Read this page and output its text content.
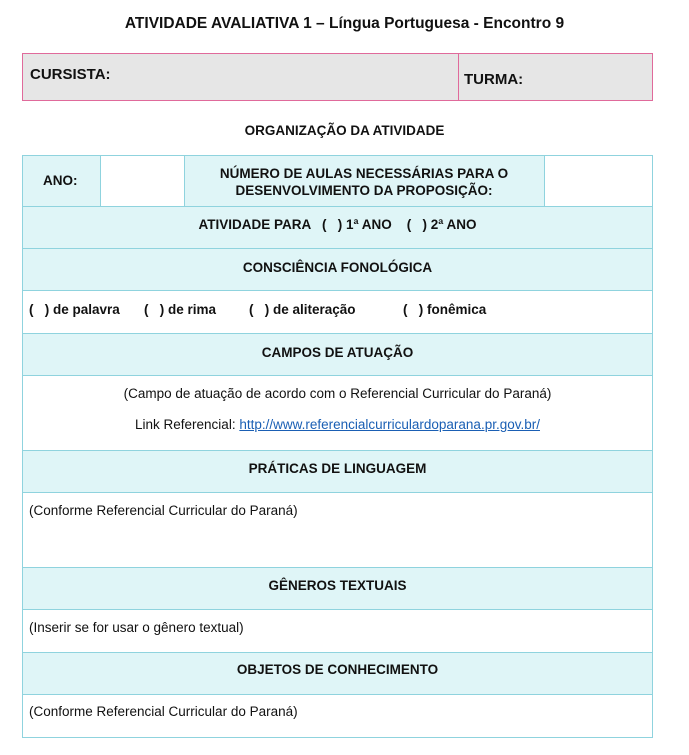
ATIVIDADE AVALIATIVA 1 – Língua Portuguesa - Encontro 9
CURSISTA:	TURMA:
ORGANIZAÇÃO DA ATIVIDADE
ANO:	NÚMERO DE AULAS NECESSÁRIAS PARA O
DESENVOLVIMENTO DA PROPOSIÇÃO:
ATIVIDADE PARA   (   ) 1ª ANO    (   ) 2ª ANO
CONSCIÊNCIA FONOLÓGICA
(   ) de palavra (   ) de rima (   ) de aliteração	(   ) fonêmica
CAMPOS DE ATUAÇÃO
(Campo de atuação de acordo com o Referencial Curricular do Paraná)
Link Referencial: http://www.referencialcurriculardoparana.pr.gov.br/
PRÁTICAS DE LINGUAGEM
(Conforme Referencial Curricular do Paraná)
GÊNEROS TEXTUAIS
(Inserir se for usar o gênero textual)
OBJETOS DE CONHECIMENTO
(Conforme Referencial Curricular do Paraná)
